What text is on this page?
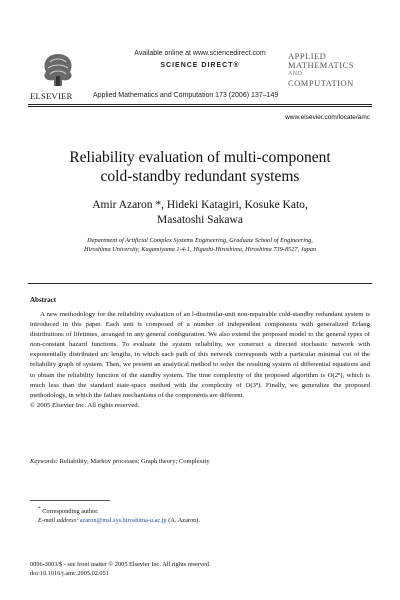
Available online at www.sciencedirect.com
SCIENCE DIRECT®
ELSEVIER	Applied Mathematics and Computation 173 (2006) 137–149
APPLIED
MATHEMATICS
AND
COMPUTATION
www.elsevier.com/locate/amc
Reliability evaluation of multi-component
cold-standby redundant systems
Amir Azaron *, Hideki Katagiri, Kosuke Kato,
Masatoshi Sakawa
Department of Artificial Complex Systems Engineering, Graduate School of Engineering,
Hiroshima University, Kagamiyama 1-4-1, Higashi-Hiroshima, Hiroshima 739-8527, Japan
Abstract
A new methodology for the reliability evaluation of an l-dissimilar-unit non-repairable cold-standby redundant system is introduced in this paper. Each unit is composed of a number of independent components with generalized Erlang distributions of lifetimes, arranged in any general configuration. We also extend the proposed model to the general types of non-constant hazard functions. To evaluate the system reliability, we construct a directed stochastic network with exponentially distributed arc lengths, in which each path of this network corresponds with a particular minimal cut of the reliability graph of system. Then, we present an analytical method to solve the resulting system of differential equations and to obtain the reliability function of the standby system. The time complexity of the proposed algorithm is O(2ⁿ), which is much less than the standard state-space method with the complexity of O(3ⁿ). Finally, we generalize the proposed methodology, in which the failure mechanisms of the components are different.
© 2005 Elsevier Inc. All rights reserved.
Keywords: Reliability; Markov processes; Graph theory; Complexity
* Corresponding author.
E-mail address: azaron@msl.sys.hiroshima-u.ac.jp (A. Azaron).
0096-3003/$ - see front matter © 2005 Elsevier Inc. All rights reserved.
doi:10.1016/j.amc.2005.02.051
